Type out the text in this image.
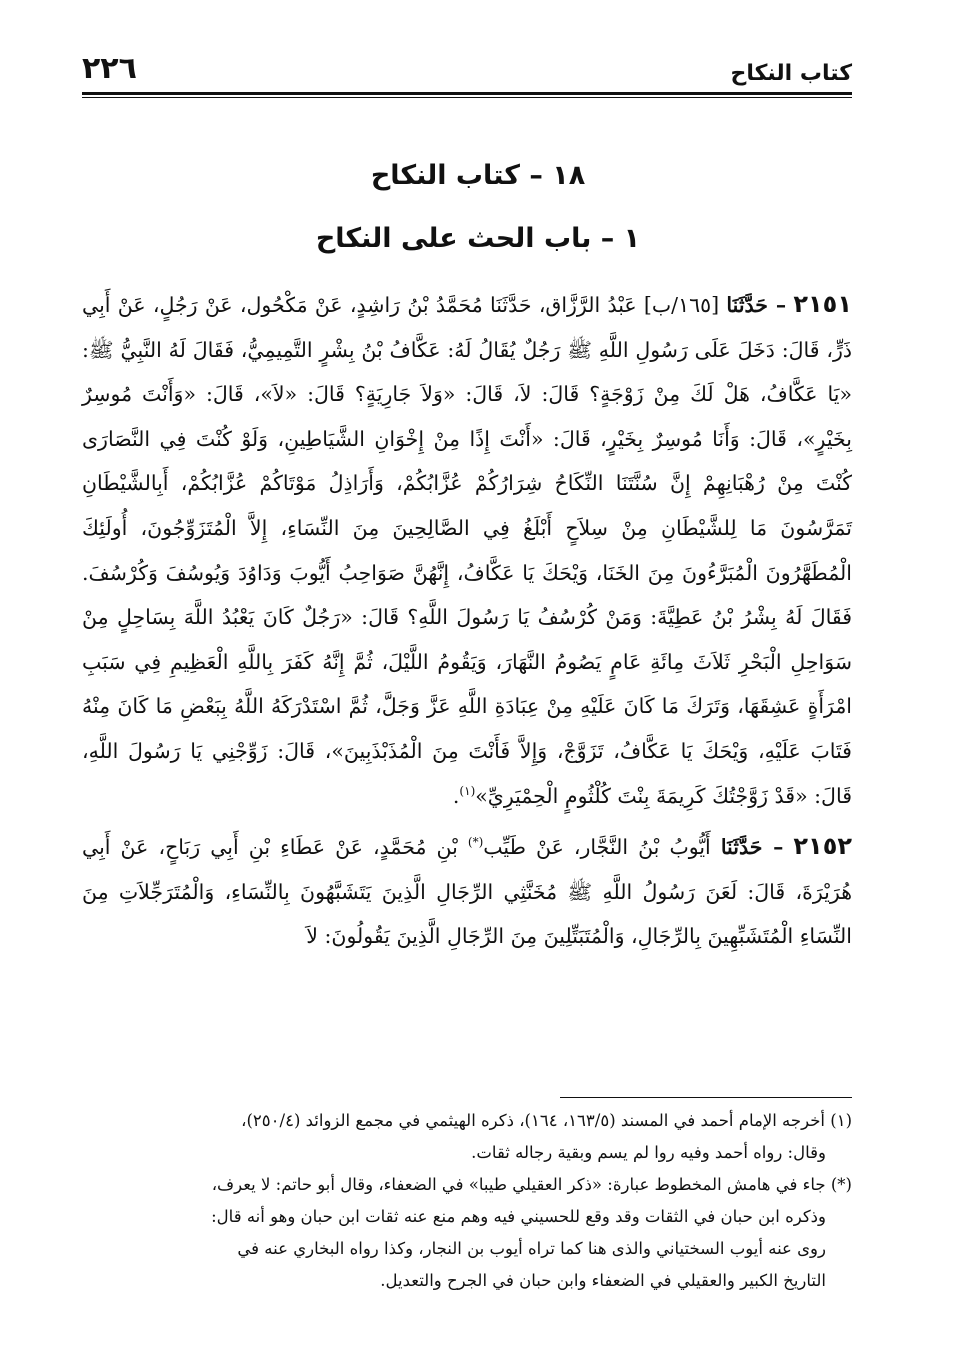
كتاب النكاح
٢٢٦
١٨ – كتاب النكاح
١ – باب الحث على النكاح

٢١٥١ – حَدَّثَنَا [١٦٥/ب] عَبْدُ الرَّزَّاق، حَدَّثَنَا مُحَمَّدُ بْنُ رَاشِدٍ، عَنْ مَكْحُول، عَنْ رَجُلٍ، عَنْ أَبِي ذَرٍّ، قَالَ: دَخَلَ عَلَى رَسُولِ اللَّهِ ﷺ رَجُلٌ يُقَالُ لَهُ: عَكَّافُ بْنُ بِشْرٍ التَّمِيمِيُّ، فَقَالَ لَهُ النَّبِيُّ ﷺ: «يَا عَكَّافُ، هَلْ لَكَ مِنْ زَوْجَةٍ؟ قَالَ: لاَ، قَالَ: «وَلاَ جَارِيَةٍ؟ قَالَ: «لاَ»، قَالَ: «وَأَنْتَ مُوسِرٌ بِخَيْرٍ»، قَالَ: وَأَنَا مُوسِرٌ بِخَيْرٍ، قَالَ: «أَنْتَ إِذًا مِنْ إِخْوَانِ الشَّيَاطِينِ، وَلَوْ كُنْتَ فِي النَّصَارَى كُنْتَ مِنْ رُهْبَانِهِمْ إِنَّ سُنَّتَنَا النِّكَاحُ شِرَارُكُمْ عُزَّابُكُمْ، وَأَرَاذِلُ مَوْتَاكُمْ عُزَّابُكُمْ، أَبِالشَّيْطَانِ تَمَرَّسُونَ مَا لِلشَّيْطَانِ مِنْ سِلاَحٍ أَبْلَغُ فِي الصَّالِحِينَ مِنَ النِّسَاءِ، إِلاَّ الْمُتَزَوِّجُونَ، أُولَئِكَ الْمُطَهَّرُونَ الْمُبَرَّءُونَ مِنَ الخَنَا، وَيْحَكَ يَا عَكَّافُ، إِنَّهُنَّ صَوَاحِبُ أَيُّوبَ وَدَاوُدَ وَيُوسُفَ وَكُرْسُفَ. فَقَالَ لَهُ بِشْرُ بْنُ عَطِيَّةَ: وَمَنْ كُرْسُفُ يَا رَسُولَ اللَّهِ؟ قَالَ: «رَجُلٌ كَانَ يَعْبُدُ اللَّهَ بِسَاحِلٍ مِنْ سَوَاحِلِ الْبَحْرِ ثَلاَثَ مِائَةِ عَامٍ يَصُومُ النَّهَارَ، وَيَقُومُ اللَّيْلَ، ثُمَّ إِنَّهُ كَفَرَ بِاللَّهِ الْعَظِيمِ فِي سَبَبِ امْرَأَةٍ عَشِقَهَا، وَتَرَكَ مَا كَانَ عَلَيْهِ مِنْ عِبَادَةِ اللَّهِ عَزَّ وَجَلَّ، ثُمَّ اسْتَدْرَكَهُ اللَّهُ بِبَعْضِ مَا كَانَ مِنْهُ فَتَابَ عَلَيْهِ، وَيْحَكَ يَا عَكَّافُ، تَزَوَّجْ، وَإِلاَّ فَأَنْتَ مِنَ الْمُذَبْذَبِينَ»، قَالَ: زَوِّجْنِي يَا رَسُولَ اللَّهِ، قَالَ: «قَدْ زَوَّجْتُكَ كَرِيمَةَ بِنْتَ كُلْثُومٍ الْحِمْيَرِيِّ»$^{(١)}$.

٢١٥٢ – حَدَّثَنَا أَيُّوبُ بْنُ النَّجَّار، عَنْ طَيِّب(*) بْنِ مُحَمَّدٍ، عَنْ عَطَاءِ بْنِ أَبِي رَبَاحٍ، عَنْ أَبِي هُرَيْرَةَ، قَالَ: لَعَنَ رَسُولُ اللَّهِ ﷺ مُخَنَّثِي الرِّجَالِ الَّذِينَ يَتَشَبَّهُونَ بِالنِّسَاءِ، وَالْمُتَرَجِّلاَتِ مِنَ النِّسَاءِ الْمُتَشَبِّهِينَ بِالرِّجَالِ، وَالْمُتَبَتِّلِينَ مِنَ الرِّجَالِ الَّذِينَ يَقُولُونَ: لاَ

(١) أخرجه الإمام أحمد في المسند (١٦٣/٥، ١٦٤)، ذكره الهيثمي في مجمع الزوائد (٢٥٠/٤)،

وقال: رواه أحمد وفيه روا لم يسم وبقية رجاله ثقات.

(*) جاء في هامش المخطوط عبارة: «ذكر العقيلي طيبا» في الضعفاء، وقال أبو حاتم: لا يعرف،

وذكره ابن حبان في الثقات وقد وقع للحسيني فيه وهم منع عنه ثقات ابن حبان وهو أنه قال:

روى عنه أيوب السختياني والذى هنا كما تراه أيوب بن النجار، وكذا رواه البخاري عنه في

التاريخ الكبير والعقيلي في الضعفاء وابن حبان في الجرح والتعديل.
